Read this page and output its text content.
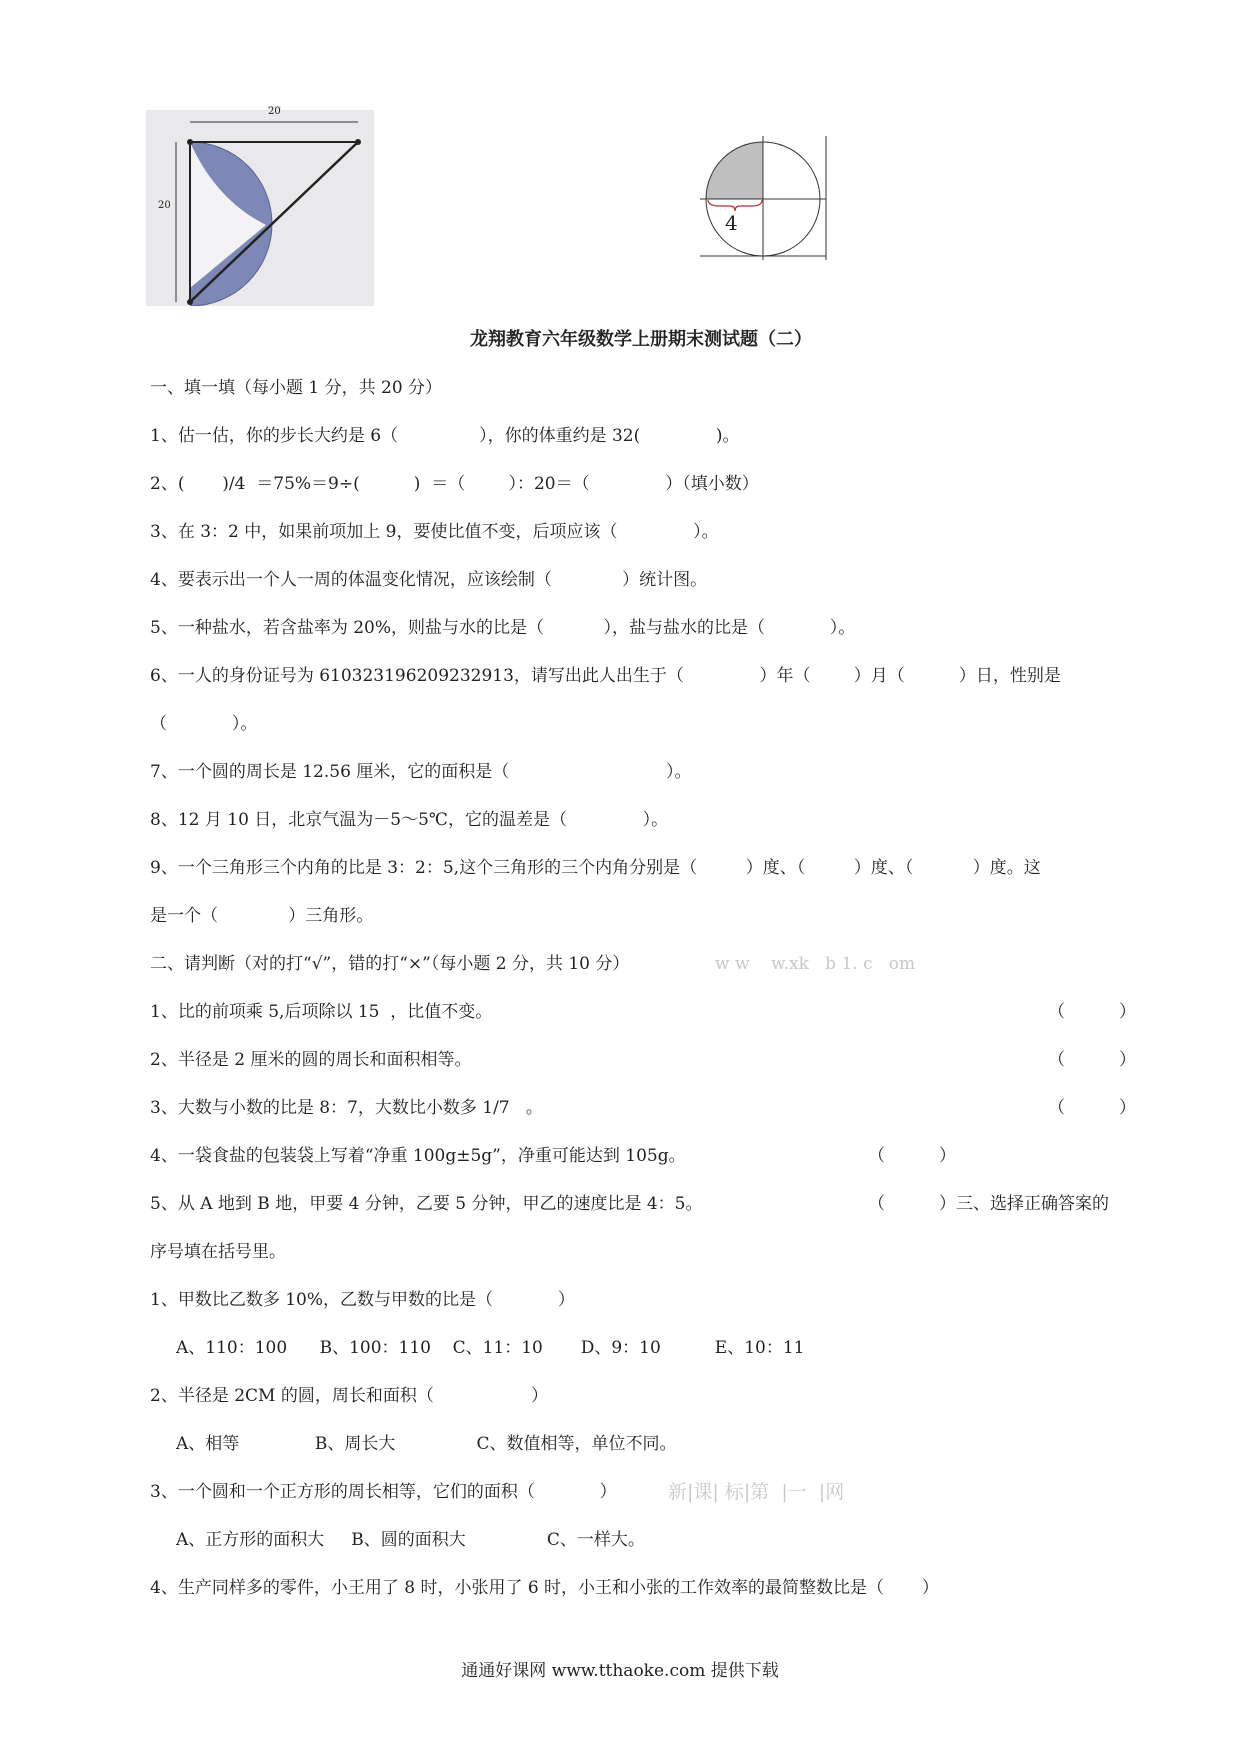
20
20
4
龙翔教育六年级数学上册期末测试题（二）
一、填一填（每小题 1 分，共 20 分）
1、估一估，你的步长大约是 6（               ），你的体重约是 32(              )。
2、(       )/4  ＝75%＝9÷(          )  ＝（        ）：20＝（              ）（填小数）
3、在 3：2 中，如果前项加上 9，要使比值不变，后项应该（              ）。
4、要表示出一个人一周的体温变化情况，应该绘制（             ）统计图。
5、一种盐水，若含盐率为 20%，则盐与水的比是（           ），盐与盐水的比是（            ）。
6、一人的身份证号为 610323196209232913，请写出此人出生于（              ）年（        ）月（          ）日，性别是
（            ）。
7、一个圆的周长是 12.56 厘米，它的面积是（                             ）。
8、12 月 10 日，北京气温为－5～5℃，它的温差是（              ）。
9、一个三角形三个内角的比是 3：2：5,这个三角形的三个内角分别是（         ）度、（         ）度、（           ）度。这
是一个（             ）三角形。
二、请判断（对的打“√”，错的打“×”（每小题 2 分，共 10 分）	w w    w.xk   b 1. c   om
1、比的前项乘 5,后项除以 15  ，比值不变。	（          ）
2、半径是 2 厘米的圆的周长和面积相等。	（          ）
3、大数与小数的比是 8：7，大数比小数多 1/7   。	（          ）
4、一袋食盐的包装袋上写着“净重 100g±5g”，净重可能达到 105g。	（          ）
5、从 A 地到 B 地，甲要 4 分钟，乙要 5 分钟，甲乙的速度比是 4：5。	（          ）三、选择正确答案的
序号填在括号里。
1、甲数比乙数多 10%，乙数与甲数的比是（            ）
A、110：100      B、100：110    C、11：10       D、9：10          E、10：11
2、半径是 2CM 的圆，周长和面积（                  ）
A、相等              B、周长大               C、数值相等，单位不同。
3、一个圆和一个正方形的周长相等，它们的面积（            ）	新|课| 标|第  |一  |网
A、正方形的面积大     B、圆的面积大               C、一样大。
4、生产同样多的零件，小王用了 8 时，小张用了 6 时，小王和小张的工作效率的最简整数比是（       ）
通通好课网 www.tthaoke.com 提供下载
